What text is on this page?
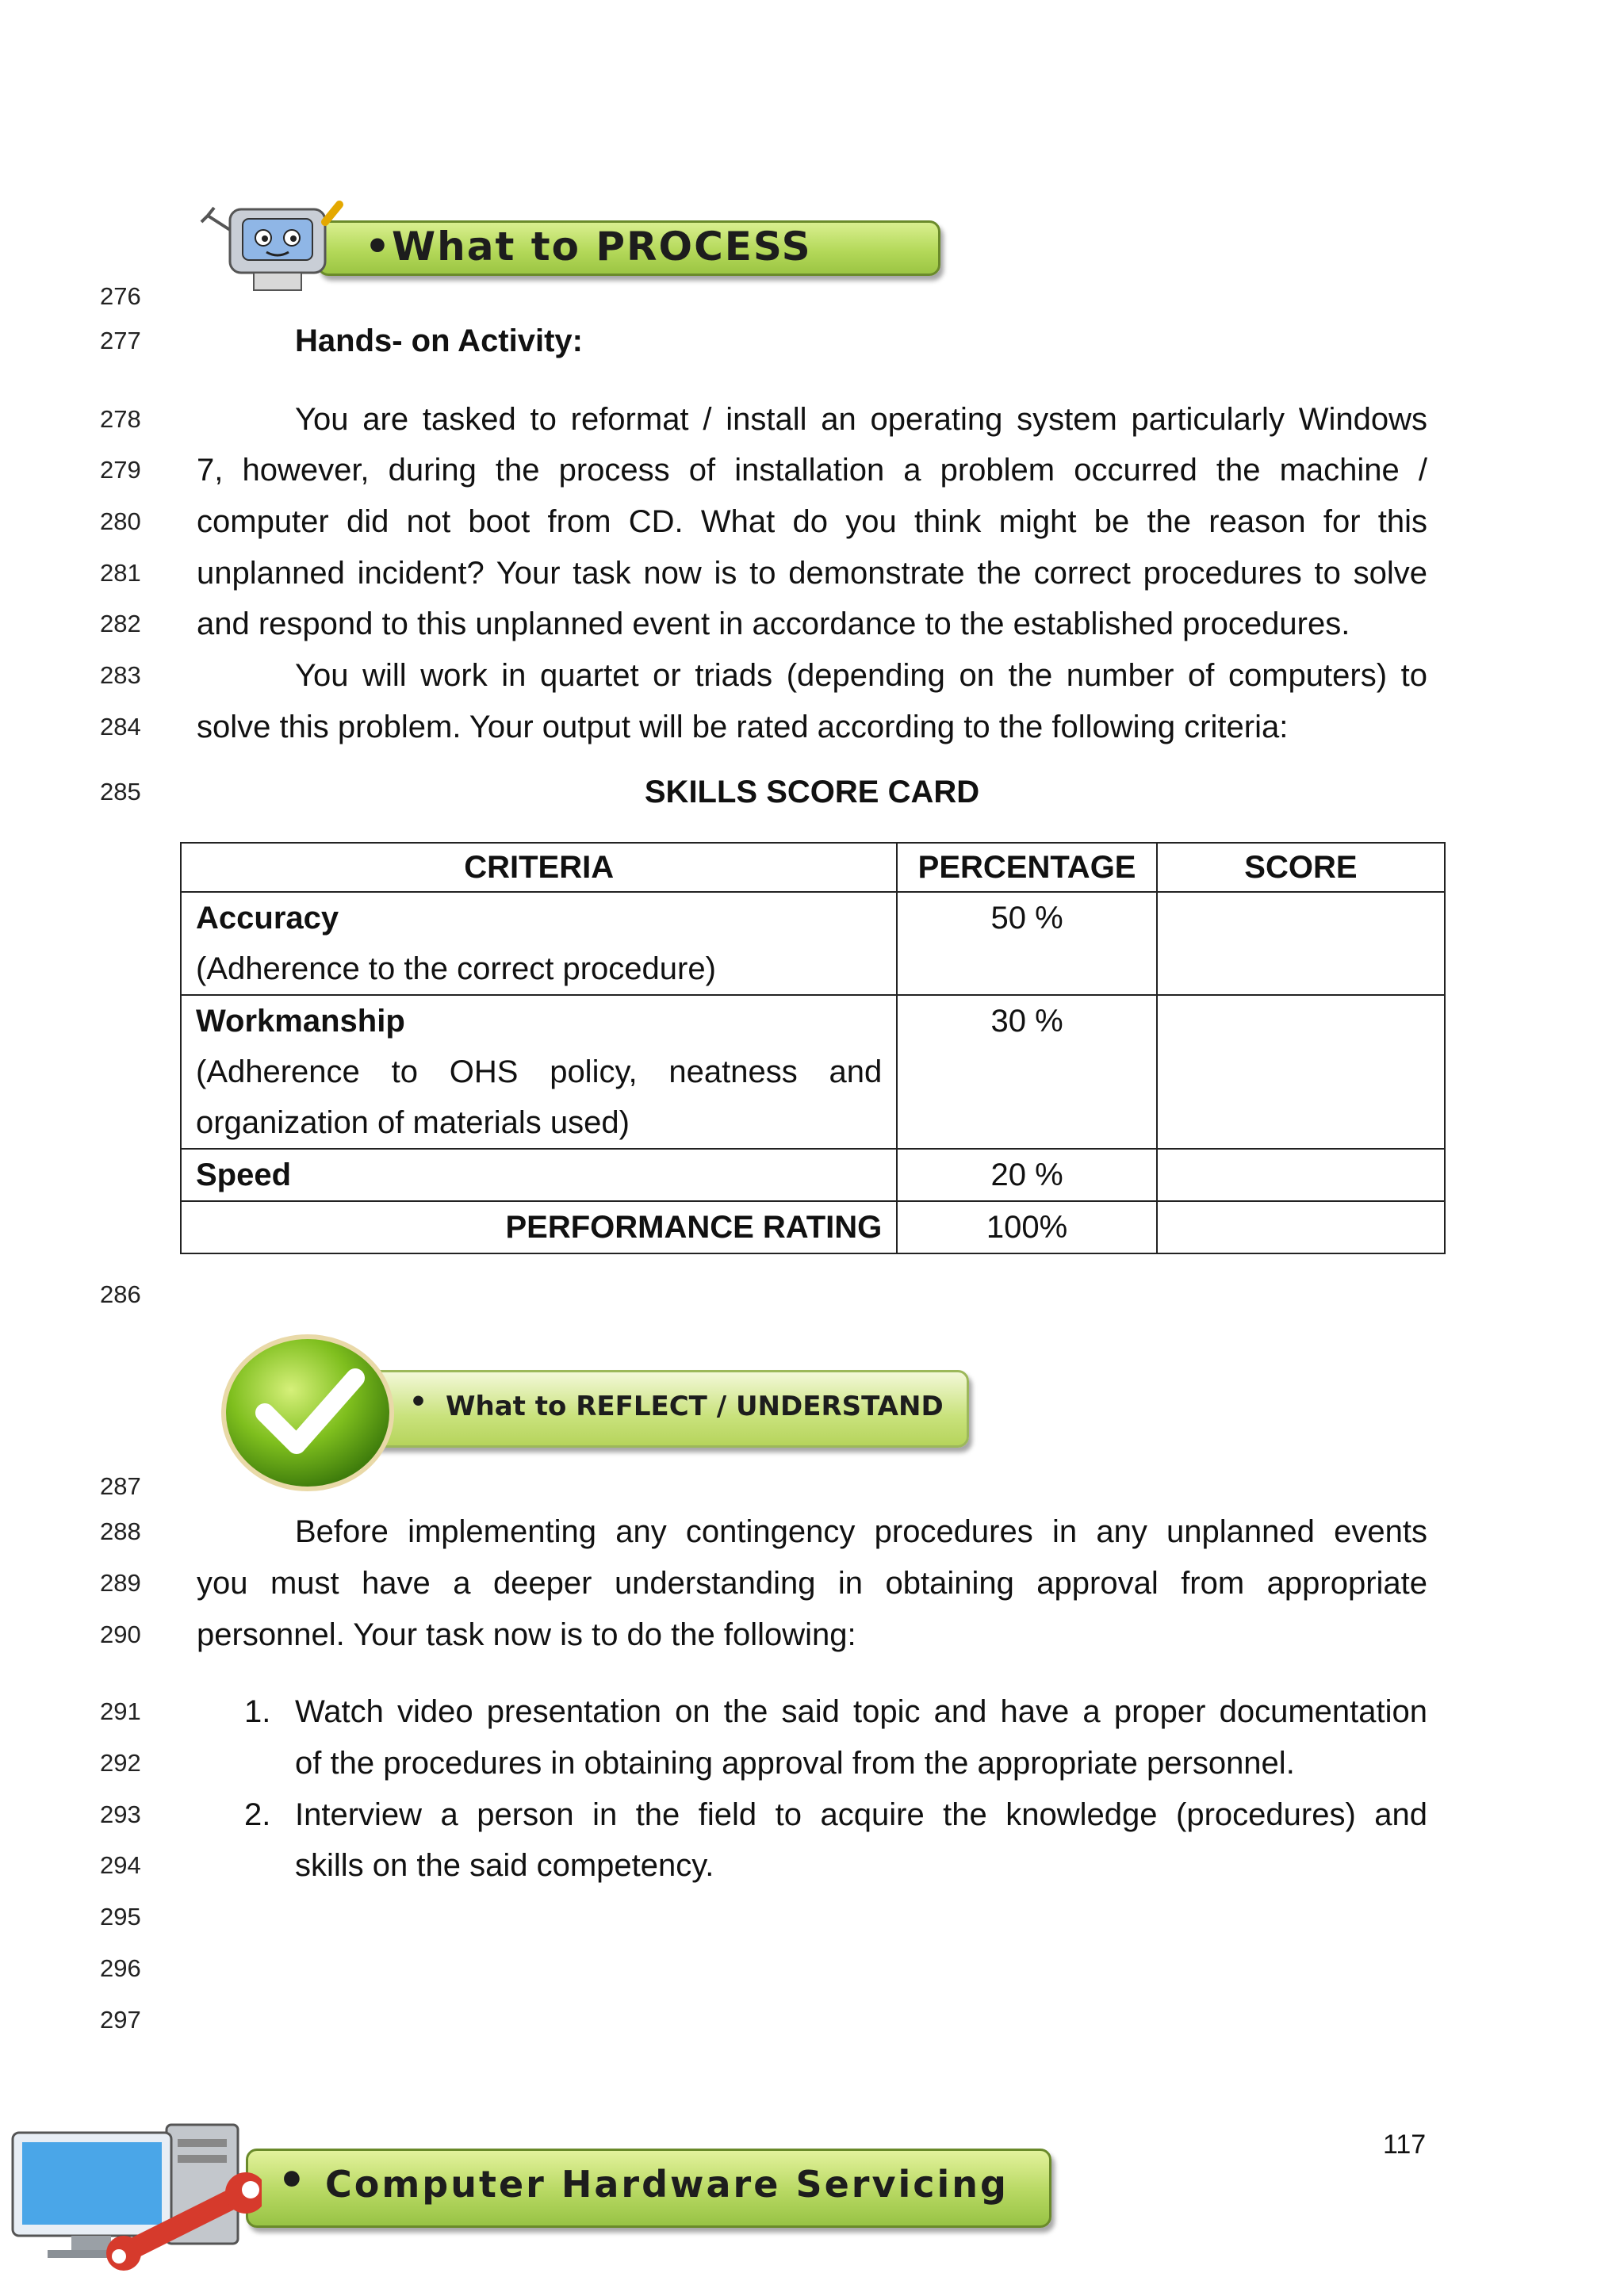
276
277
278
279
280
281
282
283
284
285
286
287
288
289
290
291
292
293
294
295
296
297
•What to PROCESS
Hands- on Activity:
You are tasked to reformat / install an operating system particularly Windows
7, however, during the process of installation a problem occurred the machine /
computer did not boot from CD. What do you think might be the reason for this
unplanned incident? Your task now is to demonstrate the correct procedures to solve
and respond to this unplanned event in accordance to the established procedures.
You will work in quartet or triads (depending on the number of computers) to
solve this problem. Your output will be rated according to the following criteria:
SKILLS SCORE CARD
CRITERIA	PERCENTAGE	SCORE

Accuracy
(Adherence to the correct procedure)	50 %	

Workmanship
(Adherence to OHS policy, neatness and
organization of materials used)	30 %	
Speed	20 %	
PERFORMANCE RATING	100%	
• What to REFLECT / UNDERSTAND
Before implementing any contingency procedures in any unplanned events
you must have a deeper understanding in obtaining approval from appropriate
personnel. Your task now is to do the following:
1. Watch video presentation on the said topic and have a proper documentation
of the procedures in obtaining approval from the appropriate personnel.
2. Interview a person in the field to acquire the knowledge (procedures) and
skills on the said competency.
117
• Computer Hardware Servicing
